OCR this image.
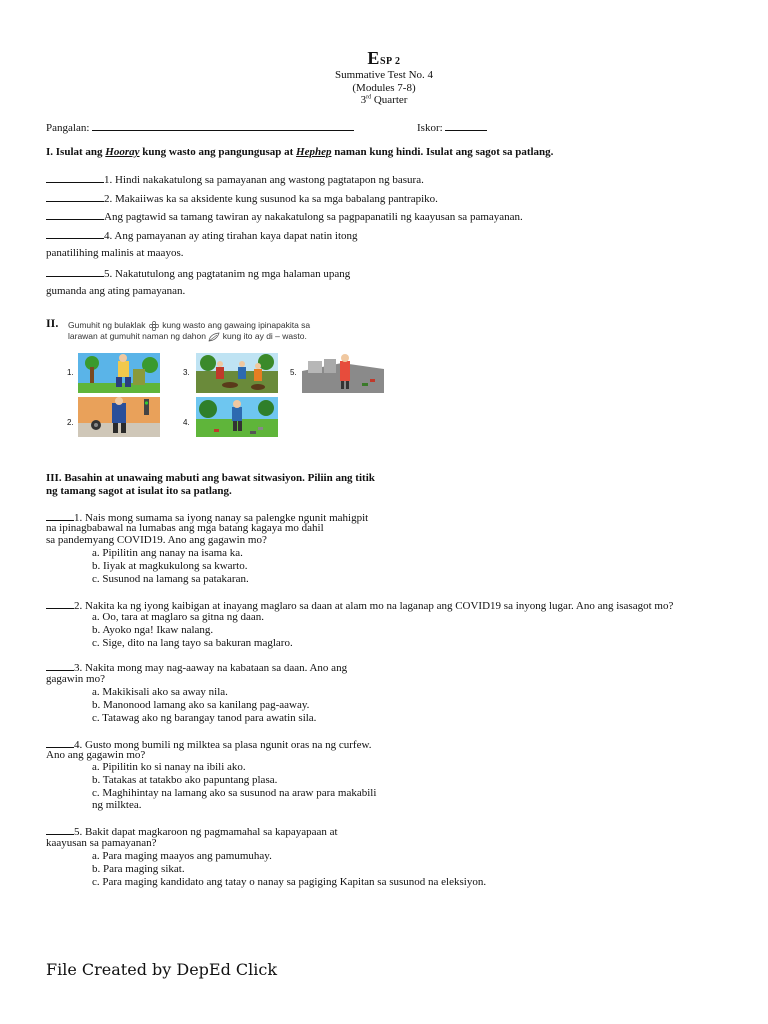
ESP 2
Summative Test No. 4
(Modules 7-8)
3rd Quarter
Pangalan:	Iskor:
I. Isulat ang Hooray kung wasto ang pangungusap at Hephep naman kung hindi. Isulat ang sagot sa patlang.
1. Hindi nakakatulong sa pamayanan ang wastong pagtatapon ng basura.
2. Makaiiwas ka sa aksidente kung susunod ka sa mga babalang pantrapiko.
Ang pagtawid sa tamang tawiran ay nakakatulong sa pagpapanatili ng kaayusan sa pamayanan.
4. Ang pamayanan ay ating tirahan kaya dapat natin itong
panatilihing malinis at maayos.
5. Nakatutulong ang pagtatanim ng mga halaman upang
gumanda ang ating pamayanan.
II. Gumuhit ng bulaklak kung wasto ang gawaing ipinapakita sa
larawan at gumuhit naman ng dahon kung ito ay di – wasto.
1.
2.
3.
4.
5.
III. Basahin at unawaing mabuti ang bawat sitwasiyon. Piliin ang titik
ng tamang sagot at isulat ito sa patlang.
1. Nais mong sumama sa iyong nanay sa palengke ngunit mahigpit
na ipinagbabawal na lumabas ang mga batang kagaya mo dahil
sa pandemyang COVID19. Ano ang gagawin mo?
a. Pipilitin ang nanay na isama ka.
b. Iiyak at magkukulong sa kwarto.
c. Susunod na lamang sa patakaran.
2. Nakita ka ng iyong kaibigan at inayang maglaro sa daan at alam mo na laganap ang COVID19 sa inyong lugar. Ano ang isasagot mo?
a. Oo, tara at maglaro sa gitna ng daan.
b. Ayoko nga! Ikaw nalang.
c. Sige, dito na lang tayo sa bakuran maglaro.
3. Nakita mong may nag-aaway na kabataan sa daan. Ano ang
gagawin mo?
a. Makikisali ako sa away nila.
b. Manonood lamang ako sa kanilang pag-aaway.
c. Tatawag ako ng barangay tanod para awatin sila.
4. Gusto mong bumili ng milktea sa plasa ngunit oras na ng curfew.
Ano ang gagawin mo?
a. Pipilitin ko si nanay na ibili ako.
b. Tatakas at tatakbo ako papuntang plasa.
c. Maghihintay na lamang ako sa susunod na araw para makabili
ng milktea.
5. Bakit dapat magkaroon ng pagmamahal sa kapayapaan at
kaayusan sa pamayanan?
a. Para maging maayos ang pamumuhay.
b. Para maging sikat.
c. Para maging kandidato ang tatay o nanay sa pagiging Kapitan sa susunod na eleksiyon.
File Created by DepEd Click
